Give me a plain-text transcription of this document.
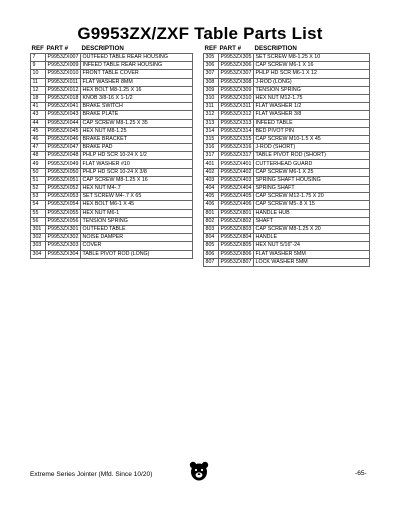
G9953ZX/ZXF Table Parts List
REF	PART #	DESCRIPTION
7	P9953ZX007	OUTFEED TABLE REAR HOUSING
9	P9953ZX009	INFEED TABLE REAR HOUSING
10	P9953ZX010	FRONT TABLE COVER
11	P9953ZX011	FLAT WASHER 8MM
12	P9953ZX012	HEX BOLT M8-1.25 X 16
18	P9953ZX018	KNOB 3/8-16 X 1-1/2
41	P9953ZX041	BRAKE SWITCH
43	P9953ZX043	BRAKE PLATE
44	P9953ZX044	CAP SCREW M8-1.25 X 35
45	P9953ZX045	HEX NUT M8-1.25
46	P9953ZX046	BRAKE BRACKET
47	P9953ZX047	BRAKE PAD
48	P9953ZX048	PHLP HD SCR 10-24 X 1/2
49	P9953ZX049	FLAT WASHER #10
50	P9953ZX050	PHLP HD SCR 10-24 X 3/8
51	P9953ZX051	CAP SCREW M8-1.25 X 16
52	P9953ZX052	HEX NUT M4-.7
53	P9953ZX053	SET SCREW M4-.7 X 65
54	P9953ZX054	HEX BOLT M6-1 X 45
55	P9953ZX055	HEX NUT M6-1
56	P9953ZX056	TENSION SPRING
301	P9953ZX301	OUTFEED TABLE
302	P9953ZX302	NOISE DAMPER
303	P9953ZX303	COVER
304	P9953ZX304	TABLE PIVOT ROD (LONG)
REF	PART #	DESCRIPTION
305	P9953ZX305	SET SCREW M8-1.25 X 10
306	P9953ZX306	CAP SCREW M6-1 X 16
307	P9953ZX307	PHLP HD SCR M6-1 X 12
308	P9953ZX308	J-ROD (LONG)
309	P9953ZX309	TENSION SPRING
310	P9953ZX310	HEX NUT M12-1.75
311	P9953ZX311	FLAT WASHER 1/2
312	P9953ZX312	FLAT WASHER 3/8
313	P9953ZX313	INFEED TABLE
314	P9953ZX314	BED PIVOT PIN
315	P9953ZX315	CAP SCREW M10-1.5 X 45
316	P9953ZX316	J-ROD (SHORT)
317	P9953ZX317	TABLE PIVOT ROD (SHORT)
401	P9953ZX401	CUTTERHEAD GUARD
402	P9953ZX402	CAP SCREW M6-1 X 25
403	P9953ZX403	SPRING SHAFT HOUSING
404	P9953ZX404	SPRING SHAFT
405	P9953ZX405	CAP SCREW M12-1.75 X 20
406	P9953ZX406	CAP SCREW M5-.8 X 15
801	P9953ZX801	HANDLE HUB
802	P9953ZX802	SHAFT
803	P9953ZX803	CAP SCREW M8-1.25 X 20
804	P9953ZX804	HANDLE
805	P9953ZX805	HEX NUT 5/16"-24
806	P9953ZX806	FLAT WASHER 5MM
807	P9953ZX807	LOCK WASHER 5MM
Extreme Series Jointer (Mfd. Since 10/20)	-65-
